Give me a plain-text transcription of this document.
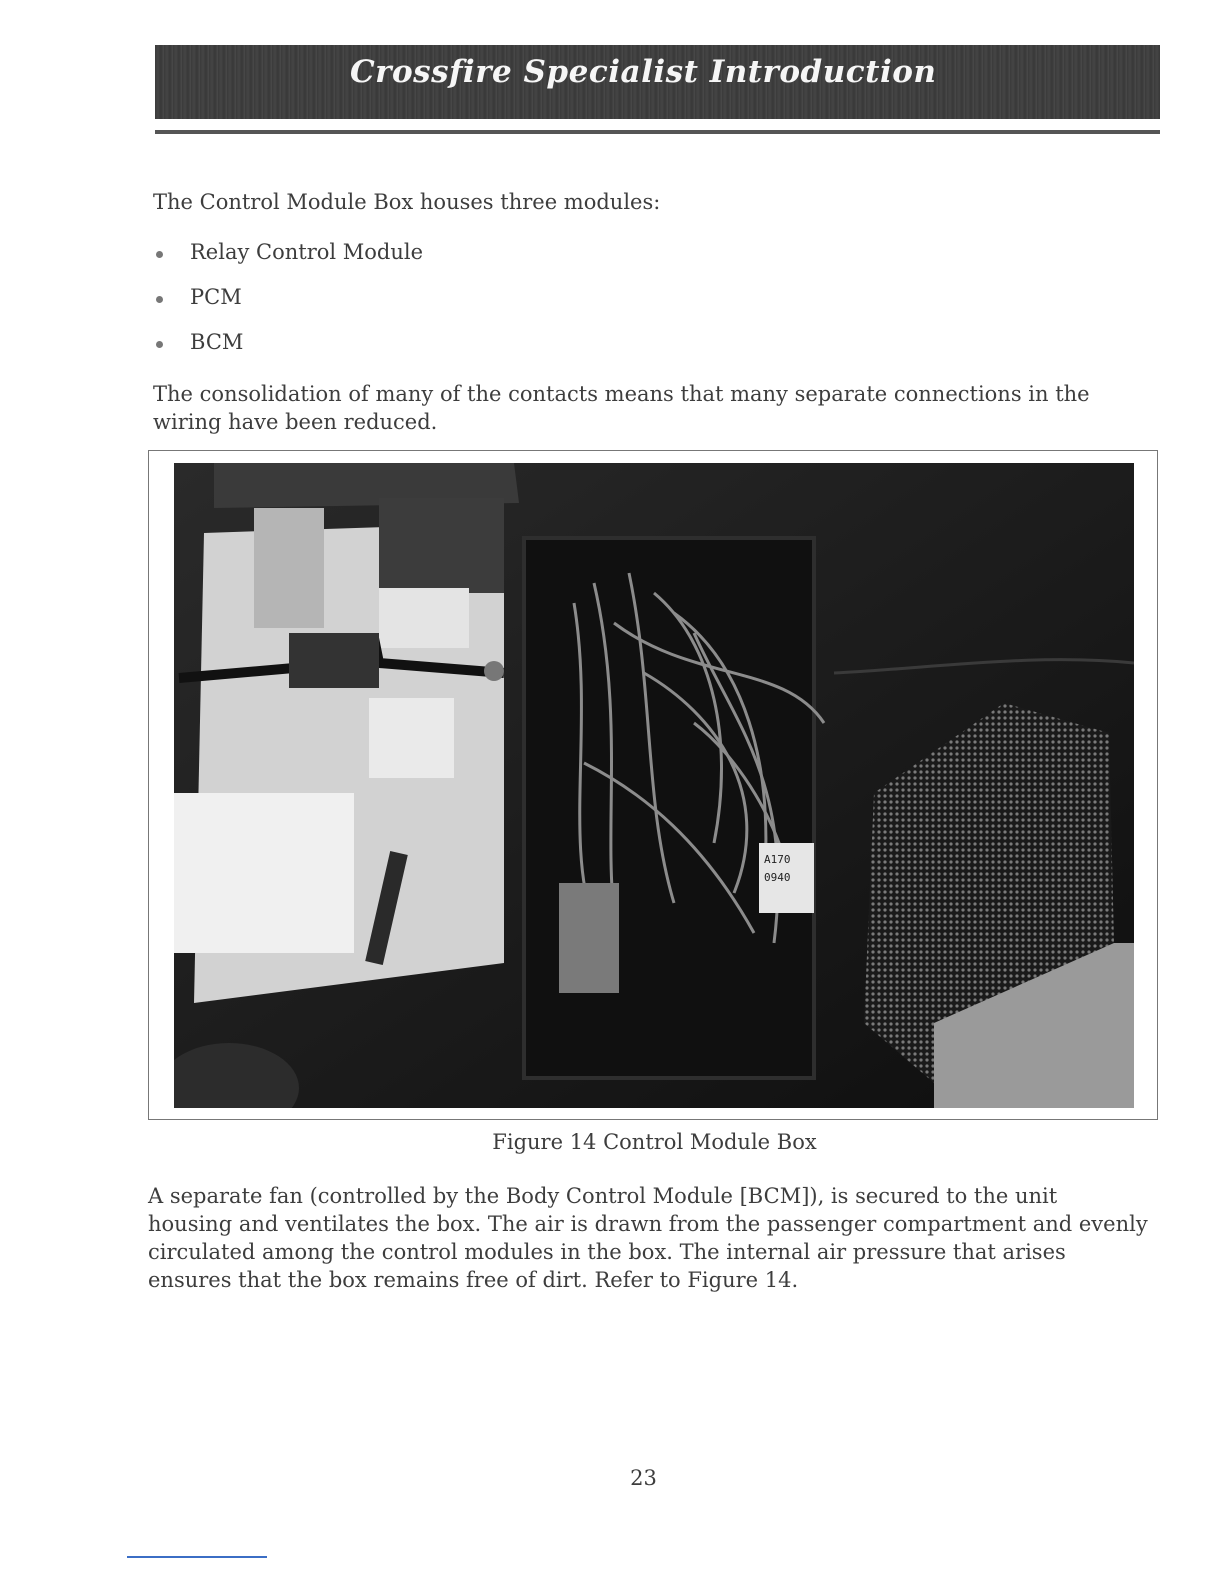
Crossfire Specialist Introduction
The Control Module Box houses three modules:
Relay Control Module
PCM
BCM
The consolidation of many of the contacts means that many separate connections in the wiring have been reduced.
A170
0940
Figure 14 Control Module Box
A separate fan (controlled by the Body Control Module [BCM]), is secured to the unit housing and ventilates the box. The air is drawn from the passenger compartment and evenly circulated among the control modules in the box. The internal air pressure that arises ensures that the box remains free of dirt. Refer to Figure 14.
23
